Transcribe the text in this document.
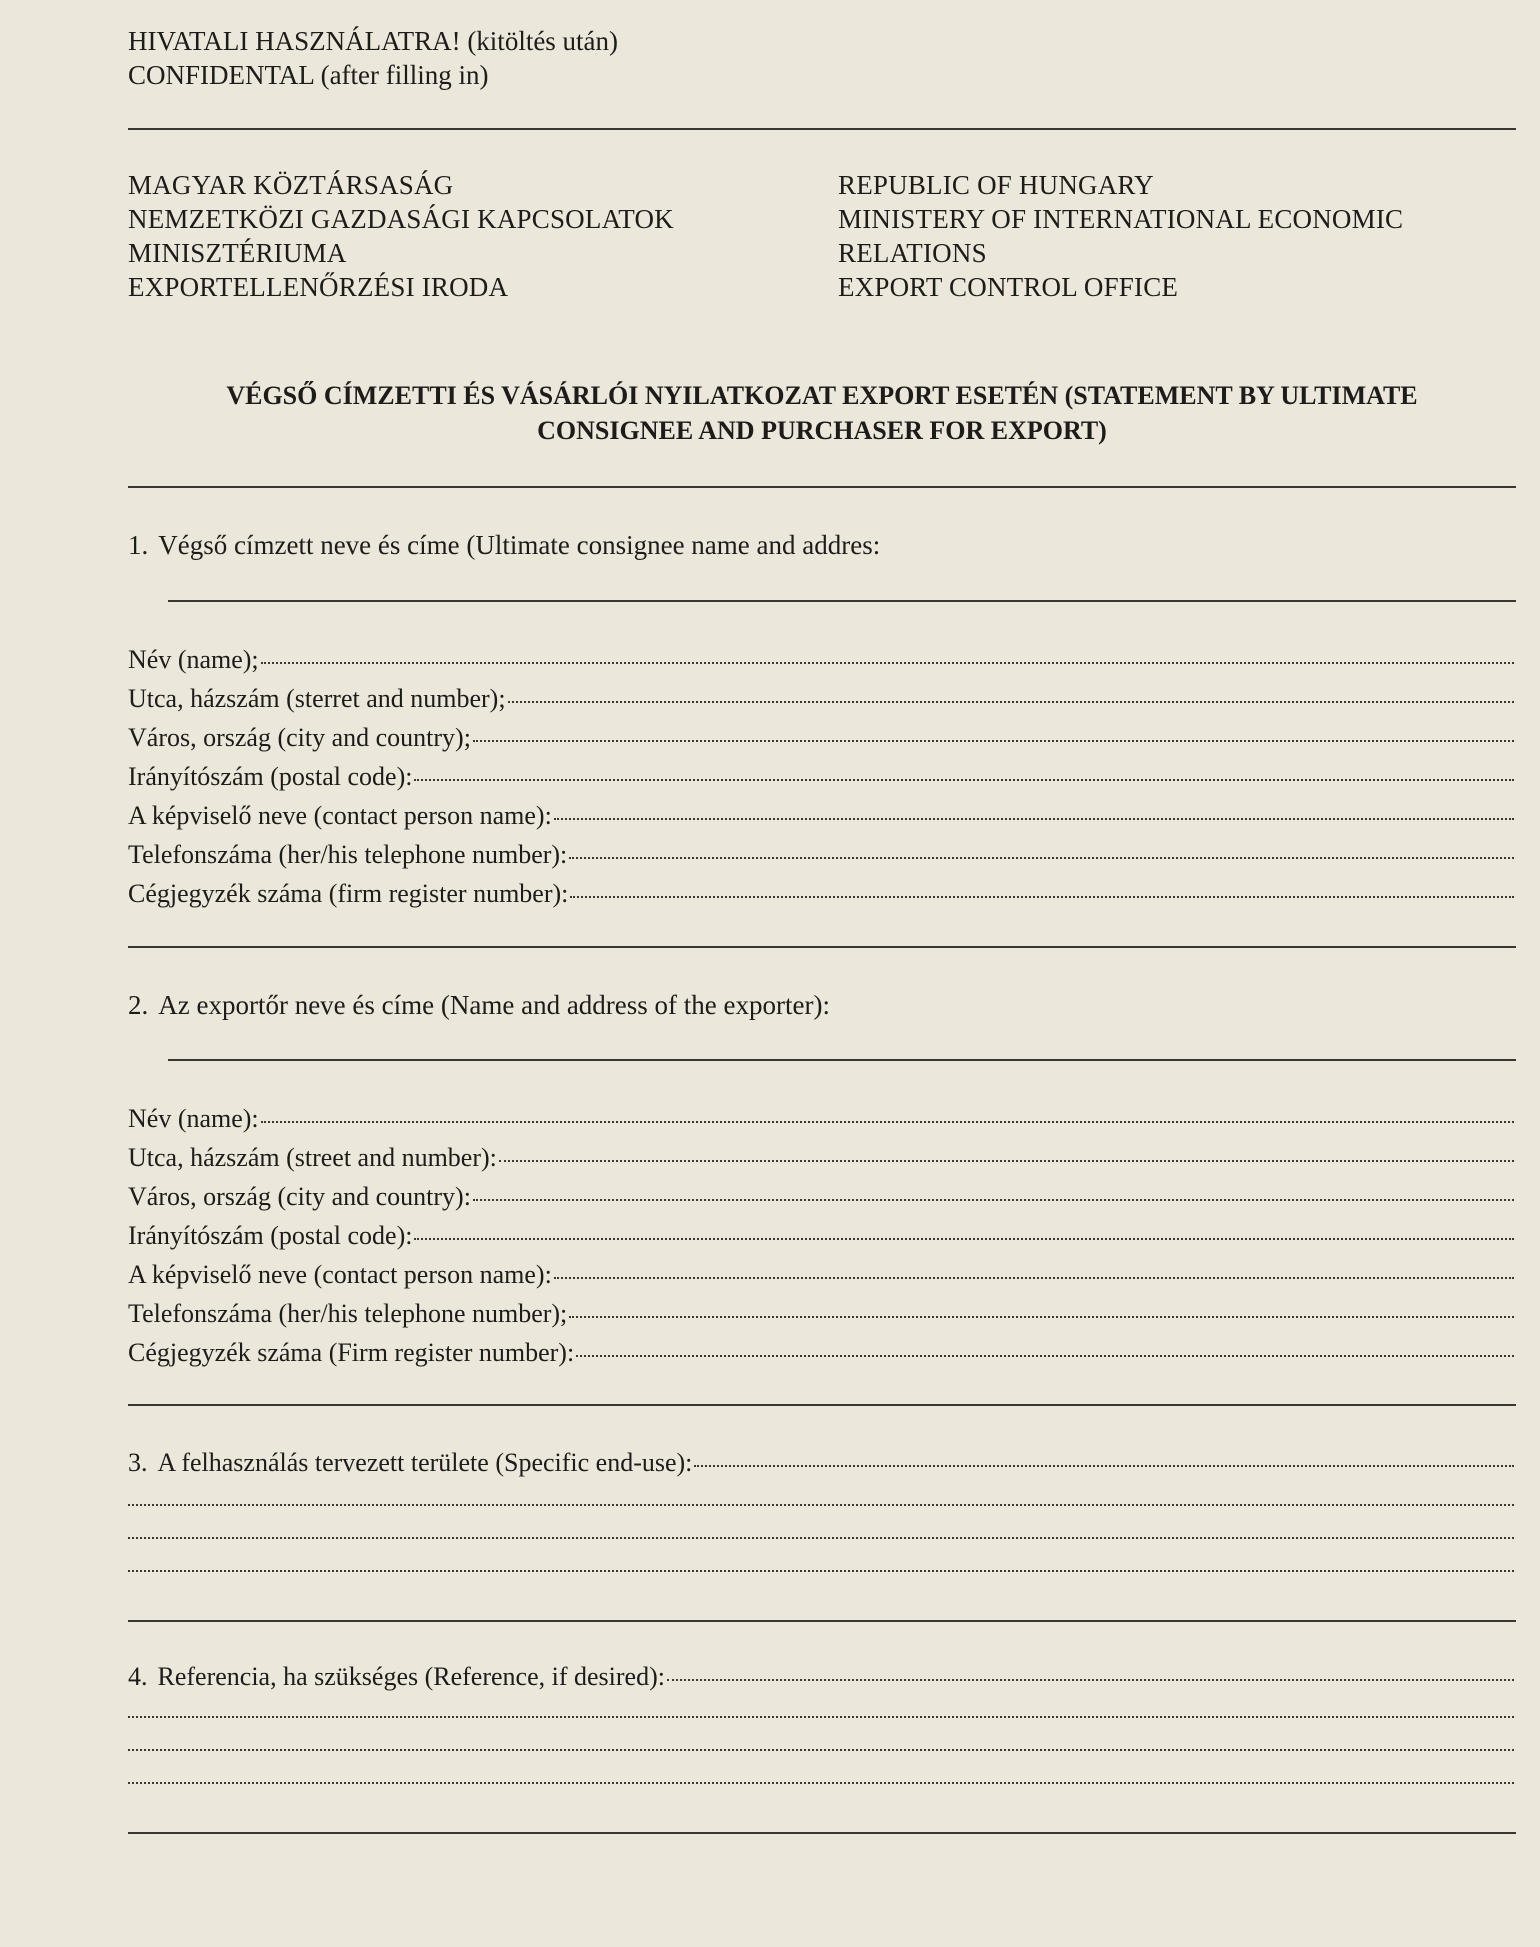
HIVATALI HASZNÁLATRA! (kitöltés után)
CONFIDENTAL (after filling in)
MAGYAR KÖZTÁRSASÁG
NEMZETKÖZI GAZDASÁGI KAPCSOLATOK
MINISZTÉRIUMA
EXPORTELLENŐRZÉSI IRODA
REPUBLIC OF HUNGARY
MINISTERY OF INTERNATIONAL ECONOMIC
RELATIONS
EXPORT CONTROL OFFICE
VÉGSŐ CÍMZETTI ÉS VÁSÁRLÓI NYILATKOZAT EXPORT ESETÉN (STATEMENT BY ULTIMATE
CONSIGNEE AND PURCHASER FOR EXPORT)
1. Végső címzett neve és címe (Ultimate consignee name and addres:
Név (name);
Utca, házszám (sterret and number);
Város, ország (city and country);
Irányítószám (postal code):
A képviselő neve (contact person name):
Telefonszáma (her/his telephone number):
Cégjegyzék száma (firm register number):
2. Az exportőr neve és címe (Name and address of the exporter):
Név (name):
Utca, házszám (street and number):
Város, ország (city and country):
Irányítószám (postal code):
A képviselő neve (contact person name):
Telefonszáma (her/his telephone number);
Cégjegyzék száma (Firm register number):
3. A felhasználás tervezett területe (Specific end-use):
4. Referencia, ha szükséges (Reference, if desired):
